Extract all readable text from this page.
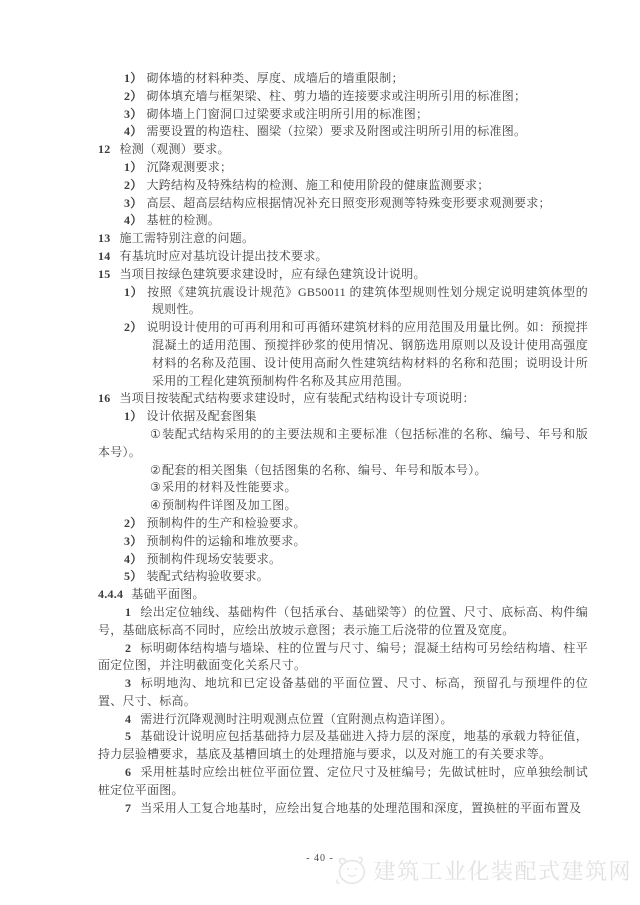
1） 砌体墙的材料种类、厚度、成墙后的墙重限制；
2） 砌体填充墙与框架梁、柱、剪力墙的连接要求或注明所引用的标准图；
3） 砌体墙上门窗洞口过梁要求或注明所引用的标准图；
4） 需要设置的构造柱、圈梁（拉梁）要求及附图或注明所引用的标准图。
12 检测（观测）要求。
1） 沉降观测要求；
2） 大跨结构及特殊结构的检测、施工和使用阶段的健康监测要求；
3） 高层、超高层结构应根据情况补充日照变形观测等特殊变形要求观测要求；
4） 基桩的检测。
13 施工需特别注意的问题。
14 有基坑时应对基坑设计提出技术要求。
15 当项目按绿色建筑要求建设时，应有绿色建筑设计说明。
1） 按照《建筑抗震设计规范》GB50011 的建筑体型规则性划分规定说明建筑体型的规则性。
2） 说明设计使用的可再利用和可再循环建筑材料的应用范围及用量比例。如：预搅拌混凝土的适用范围、预搅拌砂浆的使用情况、钢筋选用原则以及设计使用高强度材料的名称及范围、设计使用高耐久性建筑结构材料的名称和范围；说明设计所采用的工程化建筑预制构件名称及其应用范围。
16 当项目按装配式结构要求建设时，应有装配式结构设计专项说明：
1） 设计依据及配套图集
①装配式结构采用的的主要法规和主要标准（包括标准的名称、编号、年号和版本号）。
②配套的相关图集（包括图集的名称、编号、年号和版本号）。
③采用的材料及性能要求。
④预制构件详图及加工图。
2） 预制构件的生产和检验要求。
3） 预制构件的运输和堆放要求。
4） 预制构件现场安装要求。
5） 装配式结构验收要求。
4.4.4 基础平面图。
1 绘出定位轴线、基础构件（包括承台、基础梁等）的位置、尺寸、底标高、构件编号，基础底标高不同时，应绘出放坡示意图；表示施工后浇带的位置及宽度。
2 标明砌体结构墙与墙垛、柱的位置与尺寸、编号；混凝土结构可另绘结构墙、柱平面定位图，并注明截面变化关系尺寸。
3 标明地沟、地坑和已定设备基础的平面位置、尺寸、标高，预留孔与预埋件的位置、尺寸、标高。
4 需进行沉降观测时注明观测点位置（宜附测点构造详图）。
5 基础设计说明应包括基础持力层及基础进入持力层的深度，地基的承载力特征值，持力层验槽要求，基底及基槽回填土的处理措施与要求，以及对施工的有关要求等。
6 采用桩基时应绘出桩位平面位置、定位尺寸及桩编号；先做试桩时，应单独绘制试桩定位平面图。
7 当采用人工复合地基时，应绘出复合地基的处理范围和深度，置换桩的平面布置及
- 40 -	建筑工业化装配式建筑网
